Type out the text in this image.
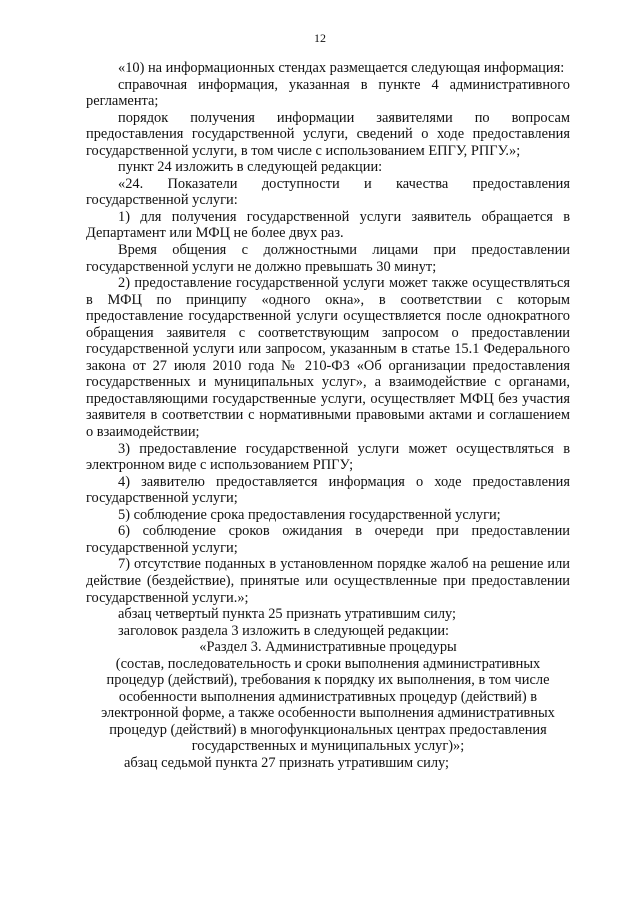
12

«10) на информационных стендах размещается следующая информация:

справочная информация, указанная в пункте 4 административного регламента;

порядок получения информации заявителями по вопросам предоставления государственной услуги, сведений о ходе предоставления государственной услуги, в том числе с использованием ЕПГУ, РПГУ.»;

пункт 24 изложить в следующей редакции:

«24. Показатели доступности и качества предоставления государственной услуги:

1) для получения государственной услуги заявитель обращается в Департамент или МФЦ не более двух раз.

Время общения с должностными лицами при предоставлении государственной услуги не должно превышать 30 минут;

2) предоставление государственной услуги может также осуществляться в МФЦ по принципу «одного окна», в соответствии с которым предоставление государственной услуги осуществляется после однократного обращения заявителя с соответствующим запросом о предоставлении государственной услуги или запросом, указанным в статье 15.1 Федерального закона от 27 июля 2010 года № 210-ФЗ «Об организации предоставления государственных и муниципальных услуг», а взаимодействие с органами, предоставляющими государственные услуги, осуществляет МФЦ без участия заявителя в соответствии с нормативными правовыми актами и соглашением о взаимодействии;

3) предоставление государственной услуги может осуществляться в электронном виде с использованием РПГУ;

4) заявителю предоставляется информация о ходе предоставления государственной услуги;

5) соблюдение срока предоставления государственной услуги;

6) соблюдение сроков ожидания в очереди при предоставлении государственной услуги;

7) отсутствие поданных в установленном порядке жалоб на решение или действие (бездействие), принятые или осуществленные при предоставлении государственной услуги.»;

абзац четвертый пункта 25 признать утратившим силу;

заголовок раздела 3 изложить в следующей редакции:

«Раздел 3. Административные процедуры
(состав, последовательность и сроки выполнения административных
процедур (действий), требования к порядку их выполнения, в том числе
особенности выполнения административных процедур (действий) в
электронной форме, а также особенности выполнения административных
процедур (действий) в многофункциональных центрах предоставления
государственных и муниципальных услуг)»;

абзац седьмой пункта 27 признать утратившим силу;
